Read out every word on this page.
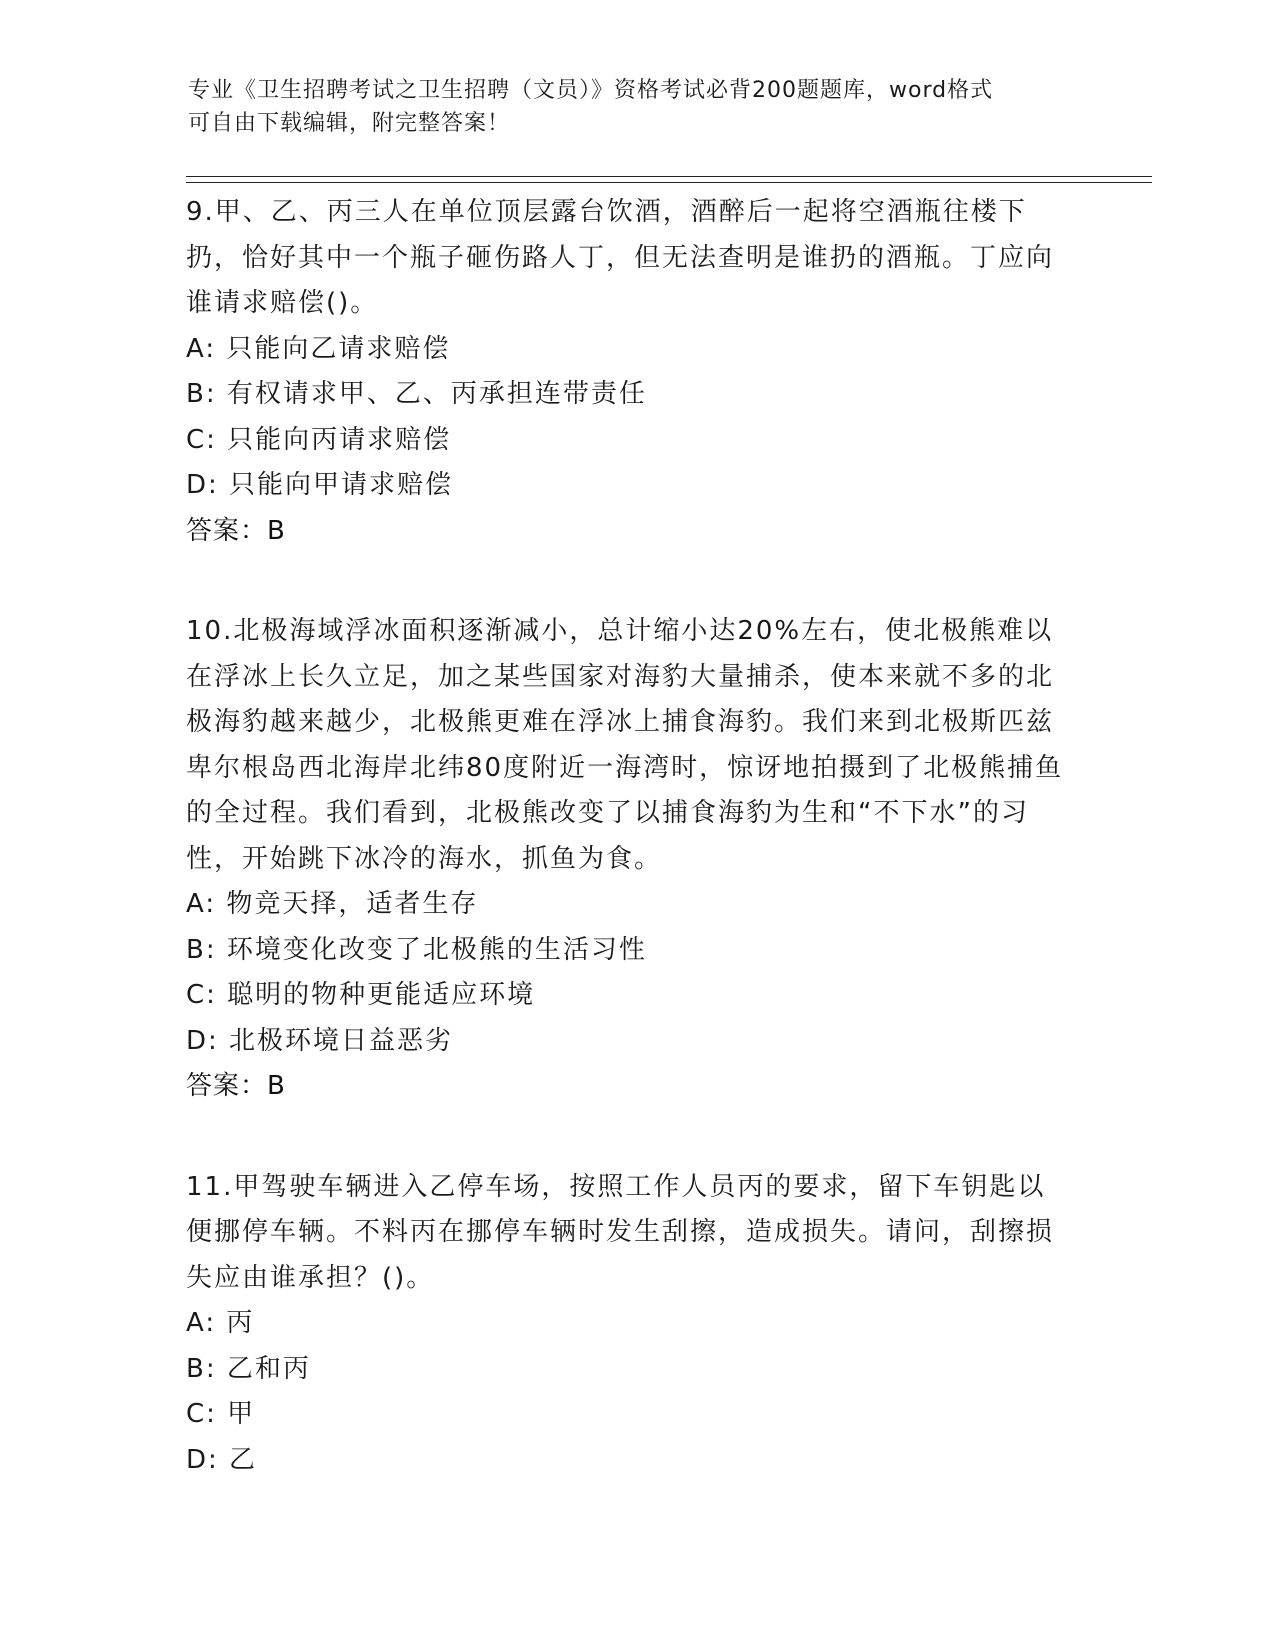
专业《卫生招聘考试之卫生招聘（文员）》资格考试必背200题题库，word格式
可自由下载编辑，附完整答案！

9.甲、乙、丙三人在单位顶层露台饮酒，酒醉后一起将空酒瓶往楼下扔，恰好其中一个瓶子砸伤路人丁，但无法查明是谁扔的酒瓶。丁应向谁请求赔偿()。

A: 只能向乙请求赔偿

B: 有权请求甲、乙、丙承担连带责任

C: 只能向丙请求赔偿

D: 只能向甲请求赔偿

答案：B

10.北极海域浮冰面积逐渐减小，总计缩小达20%左右，使北极熊难以在浮冰上长久立足，加之某些国家对海豹大量捕杀，使本来就不多的北极海豹越来越少，北极熊更难在浮冰上捕食海豹。我们来到北极斯匹兹卑尔根岛西北海岸北纬80度附近一海湾时，惊讶地拍摄到了北极熊捕鱼的全过程。我们看到，北极熊改变了以捕食海豹为生和“不下水”的习性，开始跳下冰冷的海水，抓鱼为食。

A: 物竞天择，适者生存

B: 环境变化改变了北极熊的生活习性

C: 聪明的物种更能适应环境

D: 北极环境日益恶劣

答案：B

11.甲驾驶车辆进入乙停车场，按照工作人员丙的要求，留下车钥匙以便挪停车辆。不料丙在挪停车辆时发生刮擦，造成损失。请问，刮擦损失应由谁承担？()。

A: 丙

B: 乙和丙

C: 甲

D: 乙
